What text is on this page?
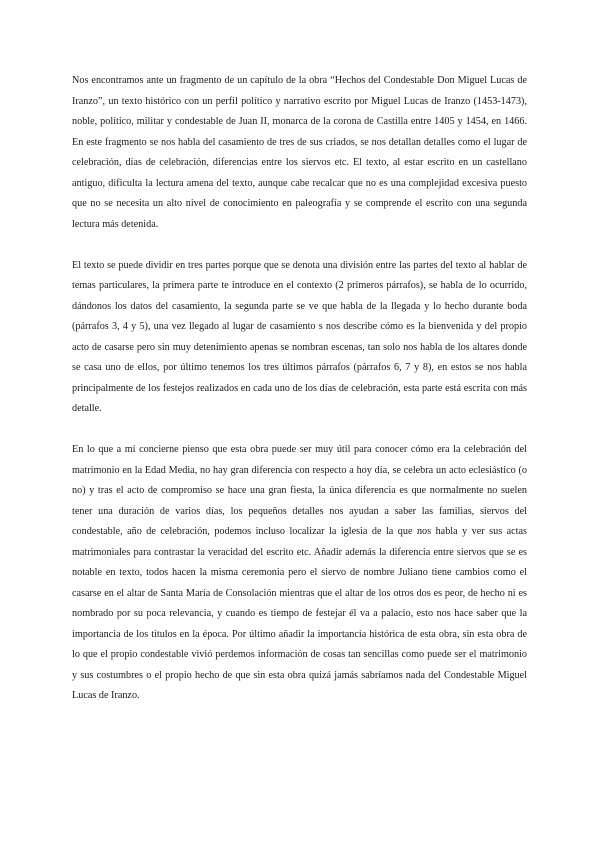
Nos encontramos ante un fragmento de un capítulo de la obra “Hechos del Condestable Don Miguel Lucas de Iranzo”, un texto histórico con un perfil político y narrativo escrito por Miguel Lucas de Iranzo (1453-1473), noble, político, militar y condestable de Juan II, monarca de la corona de Castilla entre 1405 y 1454, en 1466. En este fragmento se nos habla del casamiento de tres de sus criados, se nos detallan detalles como el lugar de celebración, días de celebración, diferencias entre los siervos etc. El texto, al estar escrito en un castellano antiguo, dificulta la lectura amena del texto, aunque cabe recalcar que no es una complejidad excesiva puesto que no se necesita un alto nivel de conocimiento en paleografía y se comprende el escrito con una segunda lectura más detenida.

El texto se puede dividir en tres partes porque que se denota una división entre las partes del texto al hablar de temas particulares, la primera parte te introduce en el contexto (2 primeros párrafos), se habla de lo ocurrido, dándonos los datos del casamiento, la segunda parte se ve que habla de la llegada y lo hecho durante boda (párrafos 3, 4 y 5), una vez llegado al lugar de casamiento s nos describe cómo es la bienvenida y del propio acto de casarse pero sin muy detenimiento apenas se nombran escenas, tan solo nos habla de los altares donde se casa uno de ellos, por último tenemos los tres últimos párrafos (párrafos 6, 7 y 8), en estos se nos habla principalmente de los festejos realizados en cada uno de los días de celebración, esta parte está escrita con más detalle.

En lo que a mí concierne pienso que esta obra puede ser muy útil para conocer cómo era la celebración del matrimonio en la Edad Media, no hay gran diferencia con respecto a hoy día, se celebra un acto eclesiástico (o no) y tras el acto de compromiso se hace una gran fiesta, la única diferencia es que normalmente no suelen tener una duración de varios días, los pequeños detalles nos ayudan a saber las familias, siervos del condestable, año de celebración, podemos incluso localizar la iglesia de la que nos habla y ver sus actas matrimoniales para contrastar la veracidad del escrito etc. Añadir además la diferencia entre siervos que se es notable en texto, todos hacen la misma ceremonia pero el siervo de nombre Juliano tiene cambios como el casarse en el altar de Santa María de Consolación mientras que el altar de los otros dos es peor, de hecho ni es nombrado por su poca relevancia, y cuando es tiempo de festejar él va a palacio, esto nos hace saber que la importancia de los títulos en la época. Por último añadir la importancia histórica de esta obra, sin esta obra de lo que el propio condestable vivió perdemos información de cosas tan sencillas como puede ser el matrimonio y sus costumbres o el propio hecho de que sin esta obra quizá jamás sabríamos nada del Condestable Miguel Lucas de Iranzo.
